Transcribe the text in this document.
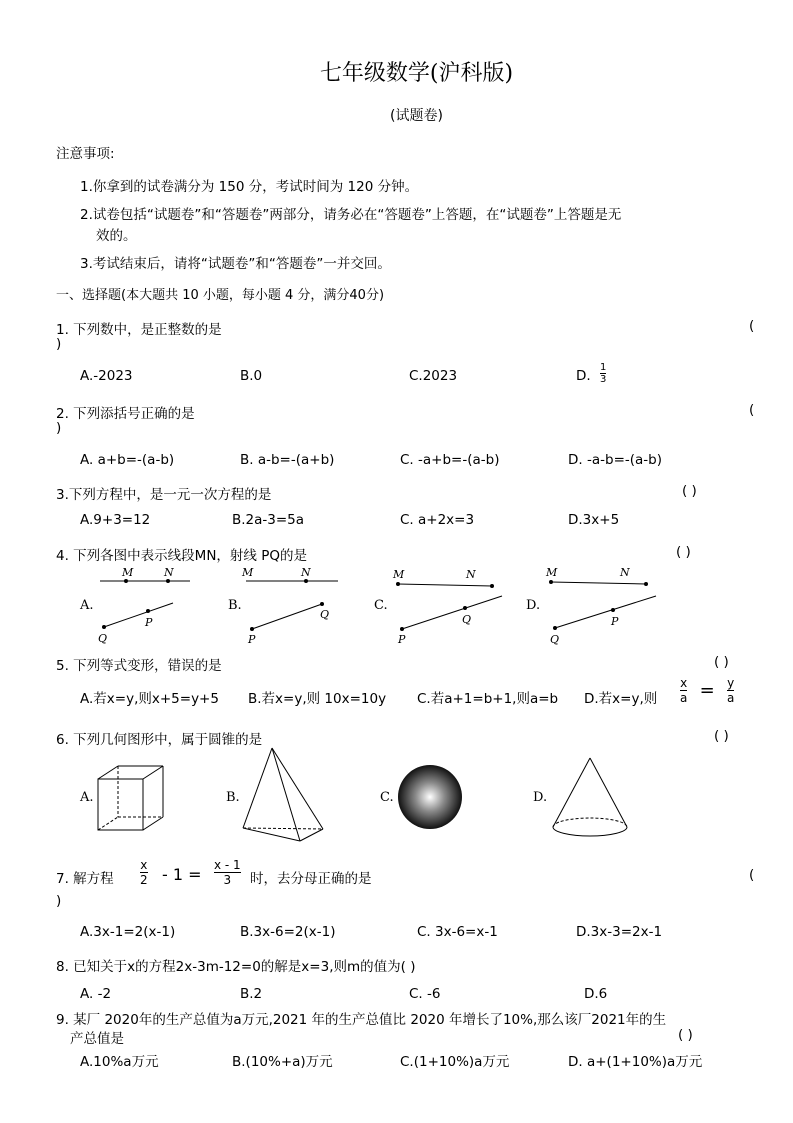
七年级数学(沪科版)
(试题卷)
注意事项:
1.你拿到的试卷满分为 150 分，考试时间为 120 分钟。
2.试卷包括“试题卷”和“答题卷”两部分，请务必在“答题卷”上答题，在“试题卷”上答题是无
效的。
3.考试结束后，请将“试题卷”和“答题卷”一并交回。
一、选择题(本大题共 10 小题，每小题 4 分，满分40分)
1. 下列数中，是正整数的是	(
)
A.-2023	B.0	C.2023	D. $\frac{1}{3}$
2. 下列添括号正确的是	(
)
A. a+b=-(a-b)	B. a-b=-(a+b)	C. -a+b=-(a-b)	D. -a-b=-(a-b)
3.下列方程中，是一元一次方程的是	( )
A.9+3=12	B.2a-3=5a	C. a+2x=3	D.3x+5
4. 下列各图中表示线段MN，射线 PQ的是	( )
A.	B.	C.	D.
M	N
Q
P
M	N
P
Q
M	N
P
Q
M	N
Q
P
5. 下列等式变形，错误的是	( )
A.若x=y,则x+5=y+5 B.若x=y,则 10x=10y C.若a+1=b+1,则a=b D.若x=y,则 $\frac{x}{a} = \frac{y}{a}$
6. 下列几何图形中，属于圆锥的是	( )
A.	B.	C.	D.
7. 解方程 $\frac{x}{2} - 1 = \frac{x - 1}{3}$ 时，去分母正确的是	(
)
A.3x-1=2(x-1)	B.3x-6=2(x-1)	C. 3x-6=x-1	D.3x-3=2x-1
8. 已知关于x的方程2x-3m-12=0的解是x=3,则m的值为( )
A. -2	B.2	C. -6	D.6
9. 某厂 2020年的生产总值为a万元,2021 年的生产总值比 2020 年增长了10%,那么该厂2021年的生
产总值是	( )
A.10%a万元	B.(10%+a)万元	C.(1+10%)a万元	D. a+(1+10%)a万元
